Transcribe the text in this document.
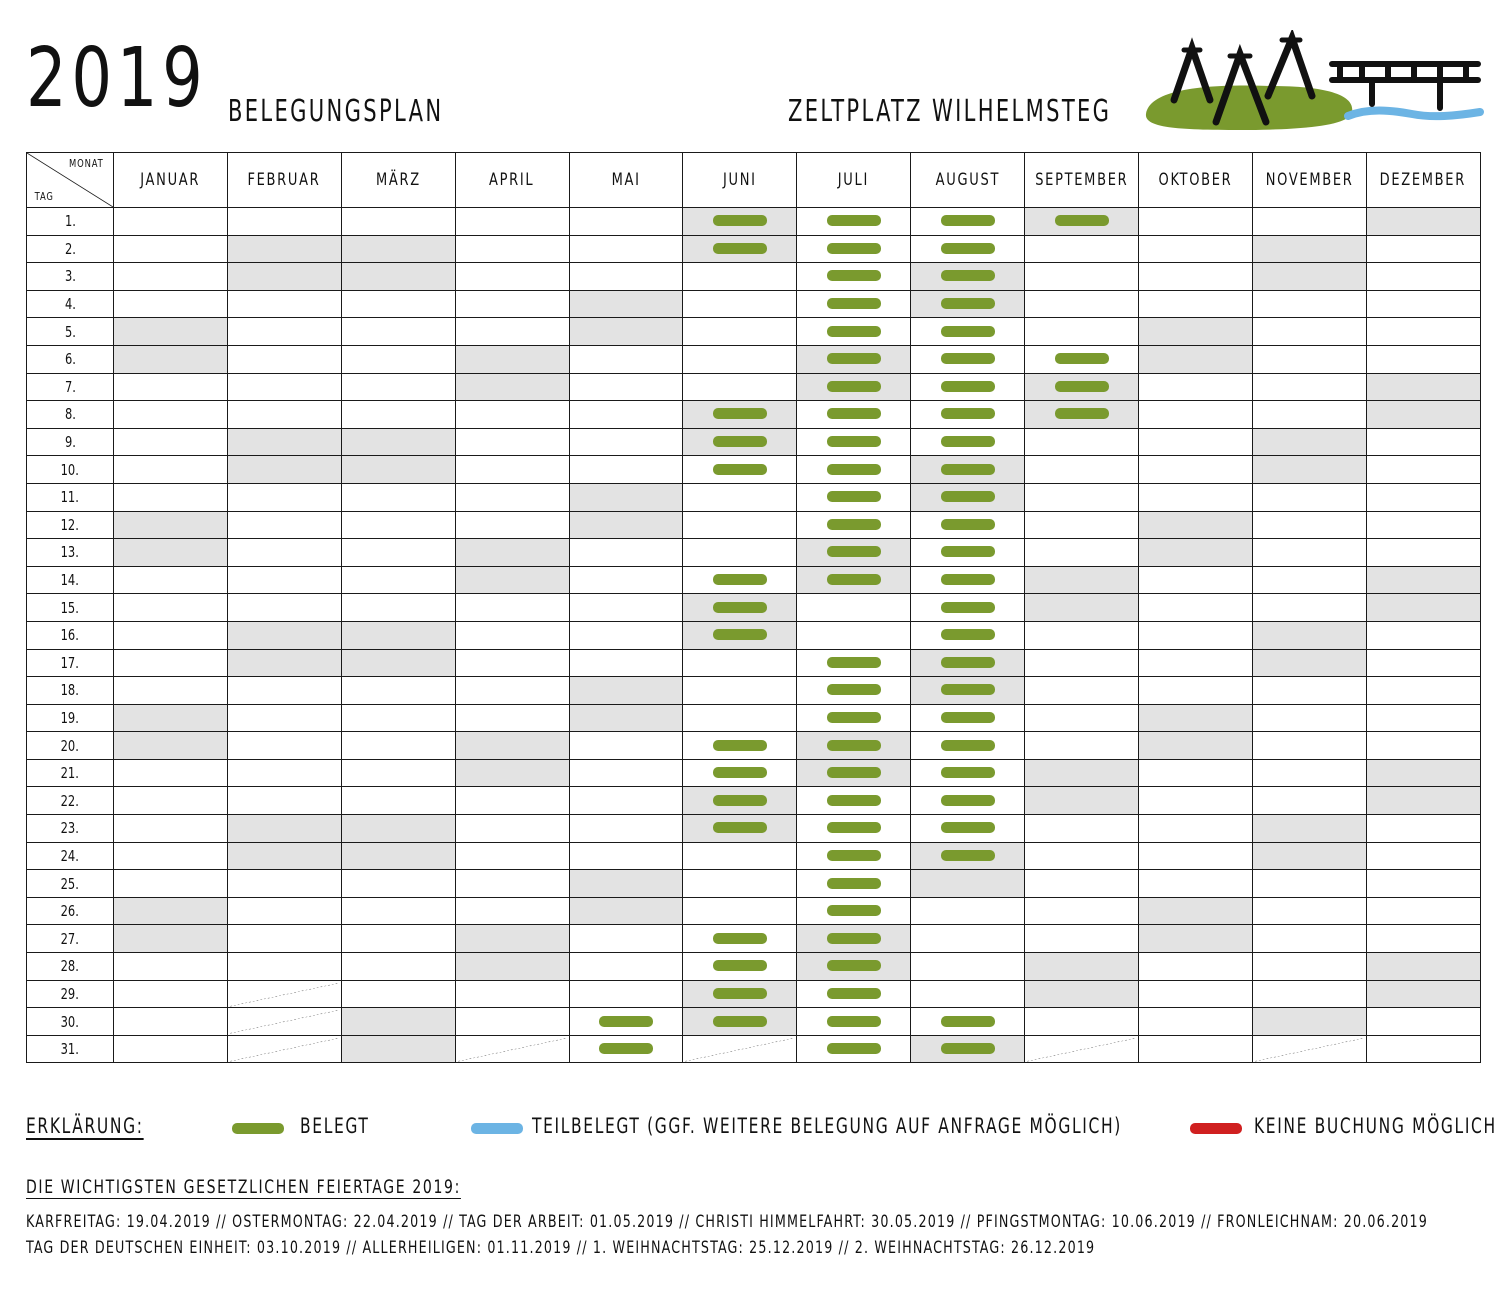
2019 BELEGUNGSPLAN	ZELTPLATZ WILHELMSTEG
MONAT
TAG	JANUAR	FEBRUAR	MÄRZ	APRIL	MAI	JUNI	JULI	AUGUST	SEPTEMBER	OKTOBER	NOVEMBER	DEZEMBER
1.						

2.						

3.							

4.							

5.							

6.							

7.							

8.						

9.						

10.						

11.							

12.							

13.							

14.						

15.						

16.						

17.							

18.							

19.							

20.						

21.						

22.						

23.						

24.							

25.							

26.							

27.						

28.						

29.		

30.		

31.		

ERKLÄRUNG:	BELEGT	TEILBELEGT (GGF. WEITERE BELEGUNG AUF ANFRAGE MÖGLICH)	KEINE BUCHUNG MÖGLICH
DIE WICHTIGSTEN GESETZLICHEN FEIERTAGE 2019:
KARFREITAG: 19.04.2019 // OSTERMONTAG: 22.04.2019 // TAG DER ARBEIT: 01.05.2019 // CHRISTI HIMMELFAHRT: 30.05.2019 // PFINGSTMONTAG: 10.06.2019 // FRONLEICHNAM: 20.06.2019
TAG DER DEUTSCHEN EINHEIT: 03.10.2019 // ALLERHEILIGEN: 01.11.2019 // 1. WEIHNACHTSTAG: 25.12.2019 // 2. WEIHNACHTSTAG: 26.12.2019
